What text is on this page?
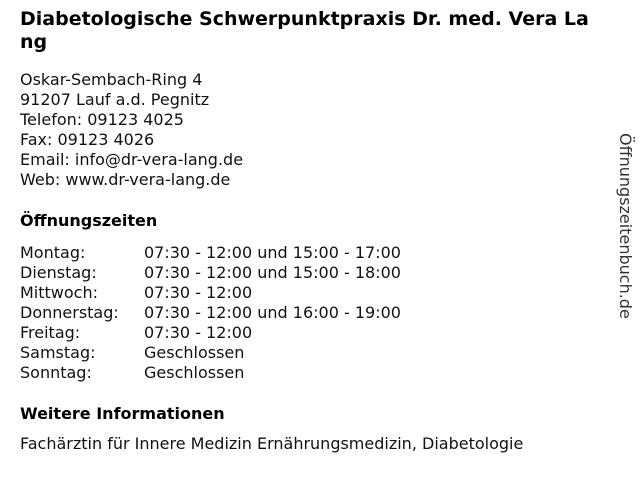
Diabetologische Schwerpunktpraxis Dr. med. Vera Lang
Oskar-Sembach-Ring 4
91207 Lauf a.d. Pegnitz
Telefon: 09123 4025
Fax: 09123 4026
Email: info@dr-vera-lang.de
Web: www.dr-vera-lang.de
Öffnungszeiten
Montag:	07:30 - 12:00 und 15:00 - 17:00
Dienstag:	07:30 - 12:00 und 15:00 - 18:00
Mittwoch:	07:30 - 12:00
Donnerstag:	07:30 - 12:00 und 16:00 - 19:00
Freitag:	07:30 - 12:00
Samstag:	Geschlossen
Sonntag:	Geschlossen
Weitere Informationen
Fachärztin für Innere Medizin Ernährungsmedizin, Diabetologie
Öffnungszeitenbuch.de
